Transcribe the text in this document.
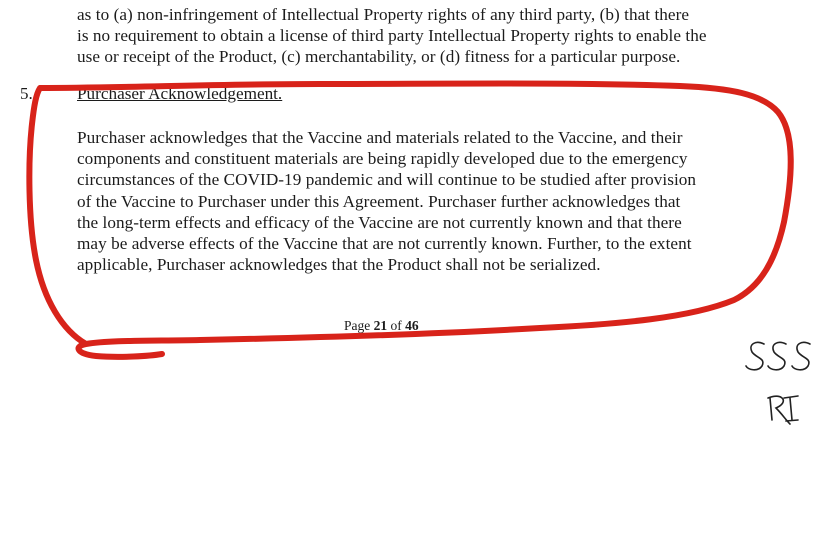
as to (a) non-infringement of Intellectual Property rights of any third party, (b) that there
is no requirement to obtain a license of third party Intellectual Property rights to enable the
use or receipt of the Product, (c) merchantability, or (d) fitness for a particular purpose.

5.	Purchaser Acknowledgement.

Purchaser acknowledges that the Vaccine and materials related to the Vaccine, and their
components and constituent materials are being rapidly developed due to the emergency
circumstances of the COVID-19 pandemic and will continue to be studied after provision
of the Vaccine to Purchaser under this Agreement. Purchaser further acknowledges that
the long-term effects and efficacy of the Vaccine are not currently known and that there
may be adverse effects of the Vaccine that are not currently known. Further, to the extent
applicable, Purchaser acknowledges that the Product shall not be serialized.

Page 21 of 46
